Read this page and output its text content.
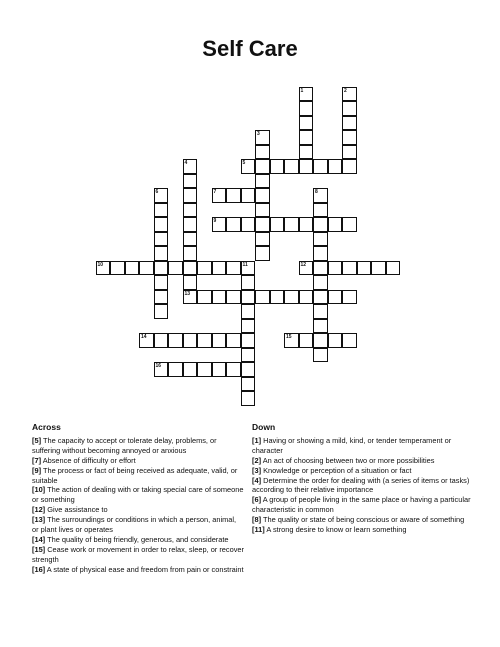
Self Care
1	2
3
4	5
6	7	8
9
10	11	12
13
14	15
16
Across

[5] The capacity to accept or tolerate delay, problems, or suffering without becoming annoyed or anxious

[7] Absence of difficulty or effort

[9] The process or fact of being received as adequate, valid, or suitable

[10] The action of dealing with or taking special care of someone or something

[12] Give assistance to

[13] The surroundings or conditions in which a person, animal, or plant lives or operates

[14] The quality of being friendly, generous, and considerate

[15] Cease work or movement in order to relax, sleep, or recover strength

[16] A state of physical ease and freedom from pain or constraint

Down

[1] Having or showing a mild, kind, or tender temperament or character

[2] An act of choosing between two or more possibilities

[3] Knowledge or perception of a situation or fact

[4] Determine the order for dealing with (a series of items or tasks) according to their relative importance

[6] A group of people living in the same place or having a particular characteristic in common

[8] The quality or state of being conscious or aware of something

[11] A strong desire to know or learn something
